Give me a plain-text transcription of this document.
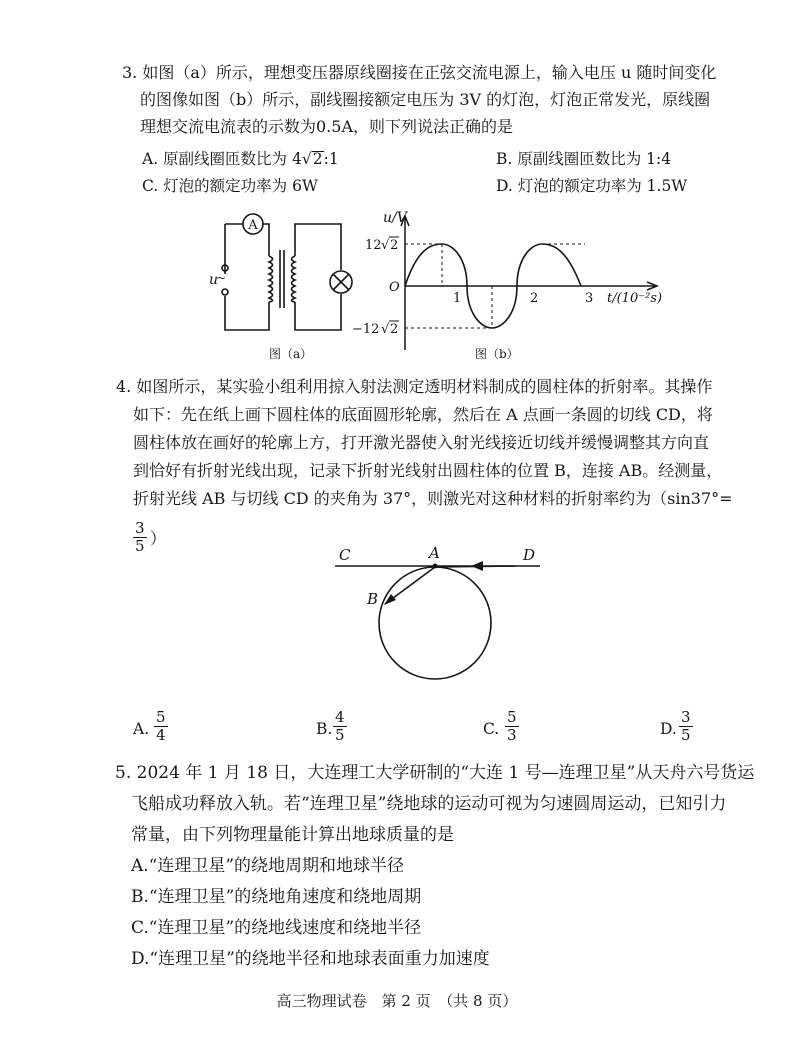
3. 如图（a）所示，理想变压器原线圈接在正弦交流电源上，输入电压 u 随时间变化
的图像如图（b）所示，副线圈接额定电压为 3V 的灯泡，灯泡正常发光，原线圈
理想交流电流表的示数为0.5A，则下列说法正确的是
A. 原副线圈匝数比为 4√2:1	B. 原副线圈匝数比为 1:4
C. 灯泡的额定功率为 6W	D. 灯泡的额定功率为 1.5W
A
u
~
图（a）
u/V
12 √ 2
−12 √ 2
O
1	2	3 t/(10⁻²s)
图（b）
4. 如图所示，某实验小组利用掠入射法测定透明材料制成的圆柱体的折射率。其操作
如下：先在纸上画下圆柱体的底面圆形轮廓，然后在 A 点画一条圆的切线 CD，将
圆柱体放在画好的轮廓上方，打开激光器使入射光线接近切线并缓慢调整其方向直
到恰好有折射光线出现，记录下折射光线射出圆柱体的位置 B，连接 AB。经测量，
折射光线 AB 与切线 CD 的夹角为 37°，则激光对这种材料的折射率约为（sin37°=
$\frac{3}{5}$ ）
C	A	D
B
A. $\frac{5}{4}$	B. $\frac{4}{5}$	C. $\frac{5}{3}$	D. $\frac{3}{5}$
5. 2024 年 1 月 18 日，大连理工大学研制的“大连 1 号—连理卫星”从天舟六号货运
飞船成功释放入轨。若“连理卫星”绕地球的运动可视为匀速圆周运动，已知引力
常量，由下列物理量能计算出地球质量的是
A.“连理卫星”的绕地周期和地球半径
B.“连理卫星”的绕地角速度和绕地周期
C.“连理卫星”的绕地线速度和绕地半径
D.“连理卫星”的绕地半径和地球表面重力加速度
高三物理试卷　第 2 页　（共 8 页）
